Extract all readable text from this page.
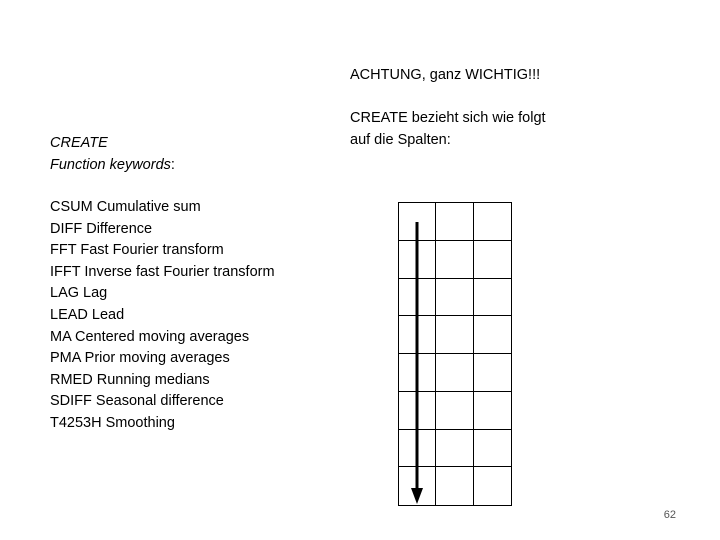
ACHTUNG, ganz WICHTIG!!!
CREATE bezieht sich wie folgt
auf die Spalten:
CREATE
Function keywords:
CSUM Cumulative sum
DIFF Difference
FFT Fast Fourier transform
IFFT Inverse fast Fourier transform
LAG Lag
LEAD Lead
MA Centered moving averages
PMA Prior moving averages
RMED Running medians
SDIFF Seasonal difference
T4253H Smoothing
62
